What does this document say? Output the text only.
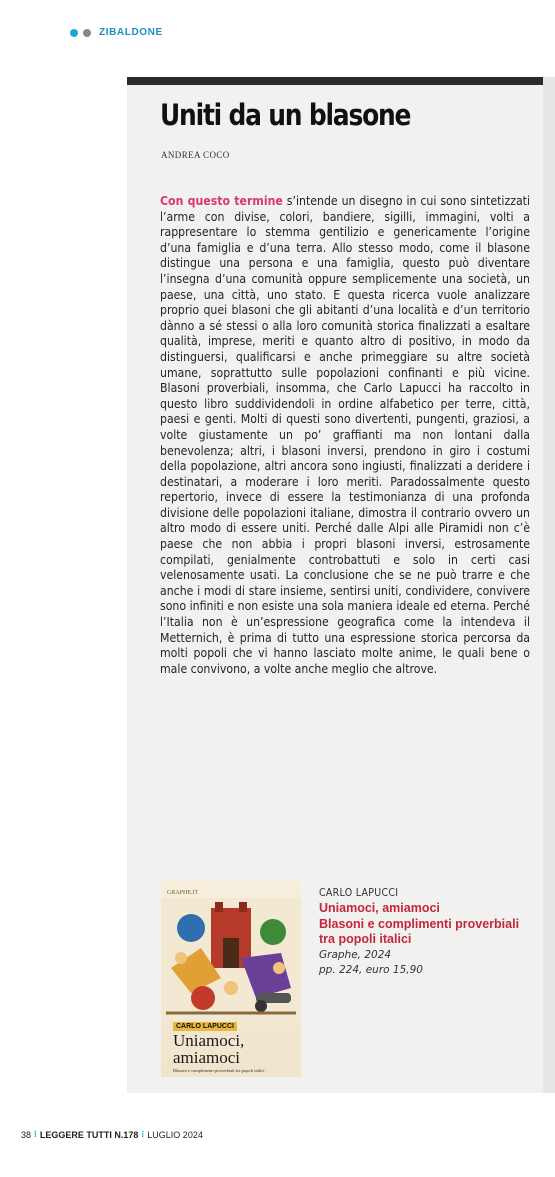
ZIBALDONE
Uniti da un blasone
ANDREA COCO

Con questo termine s’intende un disegno in cui sono sintetizzati l’arme con divise, colori, bandiere, sigilli, immagini, volti a rappresentare lo stemma gentilizio e genericamente l’origine d’una famiglia e d’una terra. Allo stesso modo, come il blasone distingue una persona e una famiglia, questo può diventare l’insegna d’una comunità oppure semplicemente una società, un paese, una città, uno stato. E questa ricerca vuole analizzare proprio quei blasoni che gli abitanti d’una località e d’un territorio dànno a sé stessi o alla loro comunità storica finalizzati a esaltare qualità, imprese, meriti e quanto altro di positivo, in modo da distinguersi, qualificarsi e anche primeggiare su altre società umane, soprattutto sulle popolazioni confinanti e più vicine. Blasoni proverbiali, insomma, che Carlo Lapucci ha raccolto in questo libro suddividendoli in ordine alfabetico per terre, città, paesi e genti. Molti di questi sono divertenti, pungenti, graziosi, a volte giustamente un po’ graffianti ma non lontani dalla benevolenza; altri, i blasoni inversi, prendono in giro i costumi della popolazione, altri ancora sono ingiusti, finalizzati a deridere i destinatari, a moderare i loro meriti. Paradossalmente questo repertorio, invece di essere la testimonianza di una profonda divisione delle popolazioni italiane, dimostra il contrario ovvero un altro modo di essere uniti. Perché dalle Alpi alle Piramidi non c’è paese che non abbia i propri blasoni inversi, estrosamente compilati, genialmente controbattuti e solo in certi casi velenosamente usati. La conclusione che se ne può trarre e che anche i modi di stare insieme, sentirsi uniti, condividere, convivere sono infiniti e non esiste una sola maniera ideale ed eterna. Perché l’Italia non è un’espressione geografica come la intendeva il Metternich, è prima di tutto una espressione storica percorsa da molti popoli che vi hanno lasciato molte anime, le quali bene o male convivono, a volte anche meglio che altrove.

GRAPHE.IT
CARLO LAPUCCI
Uniamoci,
amiamoci
Blasoni e complimenti proverbiali tra popoli italici
CARLO LAPUCCI
Uniamoci, amiamoci
Blasoni e complimenti proverbiali tra popoli italici
Graphe, 2024
pp. 224, euro 15,90
38 ⁝ LEGGERE TUTTI N.178 ⁝ LUGLIO 2024
